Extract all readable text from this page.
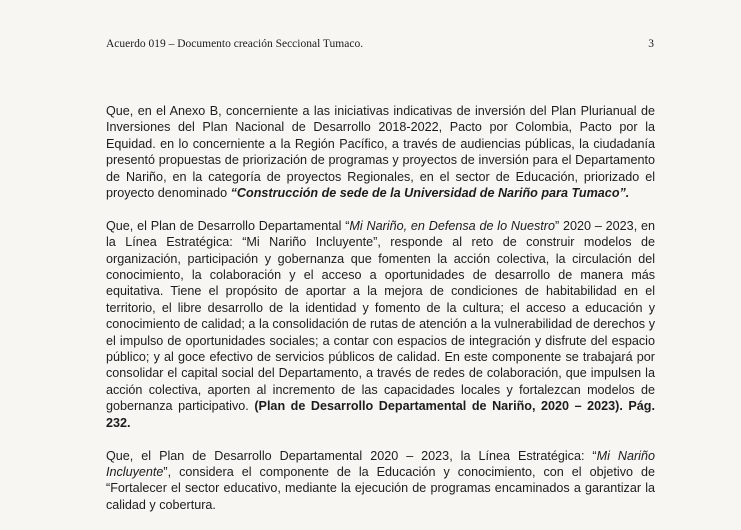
Acuerdo 019 – Documento creación Seccional Tumaco.	3

Que, en el Anexo B, concerniente a las iniciativas indicativas de inversión del Plan Plurianual de Inversiones del Plan Nacional de Desarrollo 2018-2022, Pacto por Colombia, Pacto por la Equidad. en lo concerniente a la Región Pacífico, a través de audiencias públicas, la ciudadanía presentó propuestas de priorización de programas y proyectos de inversión para el Departamento de Nariño, en la categoría de proyectos Regionales, en el sector de Educación, priorizado el proyecto denominado “Construcción de sede de la Universidad de Nariño para Tumaco”.

Que, el Plan de Desarrollo Departamental “Mi Nariño, en Defensa de lo Nuestro” 2020 – 2023, en la Línea Estratégica: “Mi Nariño Incluyente”, responde al reto de construir modelos de organización, participación y gobernanza que fomenten la acción colectiva, la circulación del conocimiento, la colaboración y el acceso a oportunidades de desarrollo de manera más equitativa. Tiene el propósito de aportar a la mejora de condiciones de habitabilidad en el territorio, el libre desarrollo de la identidad y fomento de la cultura; el acceso a educación y conocimiento de calidad; a la consolidación de rutas de atención a la vulnerabilidad de derechos y el impulso de oportunidades sociales; a contar con espacios de integración y disfrute del espacio público; y al goce efectivo de servicios públicos de calidad. En este componente se trabajará por consolidar el capital social del Departamento, a través de redes de colaboración, que impulsen la acción colectiva, aporten al incremento de las capacidades locales y fortalezcan modelos de gobernanza participativo. (Plan de Desarrollo Departamental de Nariño, 2020 – 2023). Pág. 232.

Que, el Plan de Desarrollo Departamental 2020 – 2023, la Línea Estratégica: “Mi Nariño Incluyente”, considera el componente de la Educación y conocimiento, con el objetivo de “Fortalecer el sector educativo, mediante la ejecución de programas encaminados a garantizar la calidad y cobertura.
